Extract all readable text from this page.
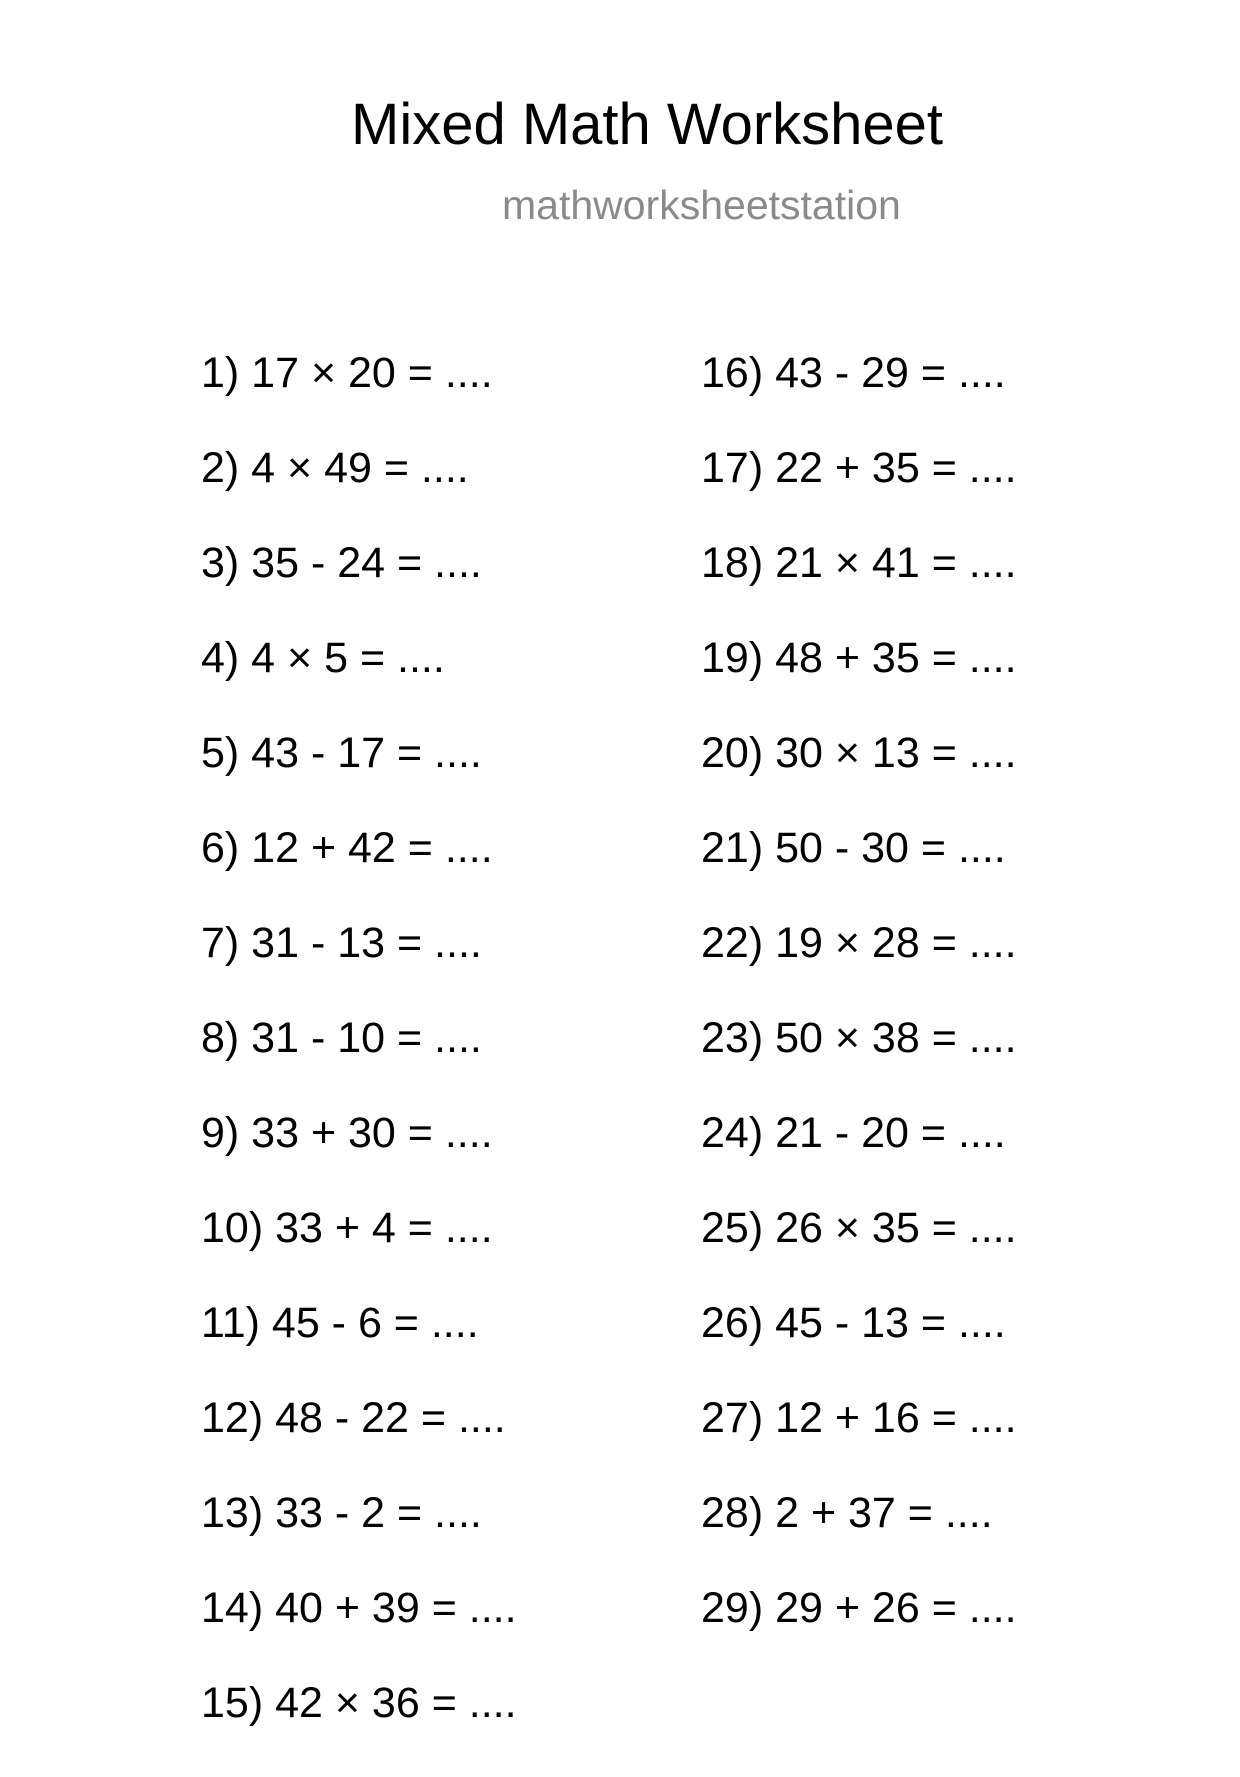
Mixed Math Worksheet
mathworksheetstation
1) 17 × 20 = ....
2) 4 × 49 = ....
3) 35 - 24 = ....
4) 4 × 5 = ....
5) 43 - 17 = ....
6) 12 + 42 = ....
7) 31 - 13 = ....
8) 31 - 10 = ....
9) 33 + 30 = ....
10) 33 + 4 = ....
11) 45 - 6 = ....
12) 48 - 22 = ....
13) 33 - 2 = ....
14) 40 + 39 = ....
15) 42 × 36 = ....
16) 43 - 29 = ....
17) 22 + 35 = ....
18) 21 × 41 = ....
19) 48 + 35 = ....
20) 30 × 13 = ....
21) 50 - 30 = ....
22) 19 × 28 = ....
23) 50 × 38 = ....
24) 21 - 20 = ....
25) 26 × 35 = ....
26) 45 - 13 = ....
27) 12 + 16 = ....
28) 2 + 37 = ....
29) 29 + 26 = ....
